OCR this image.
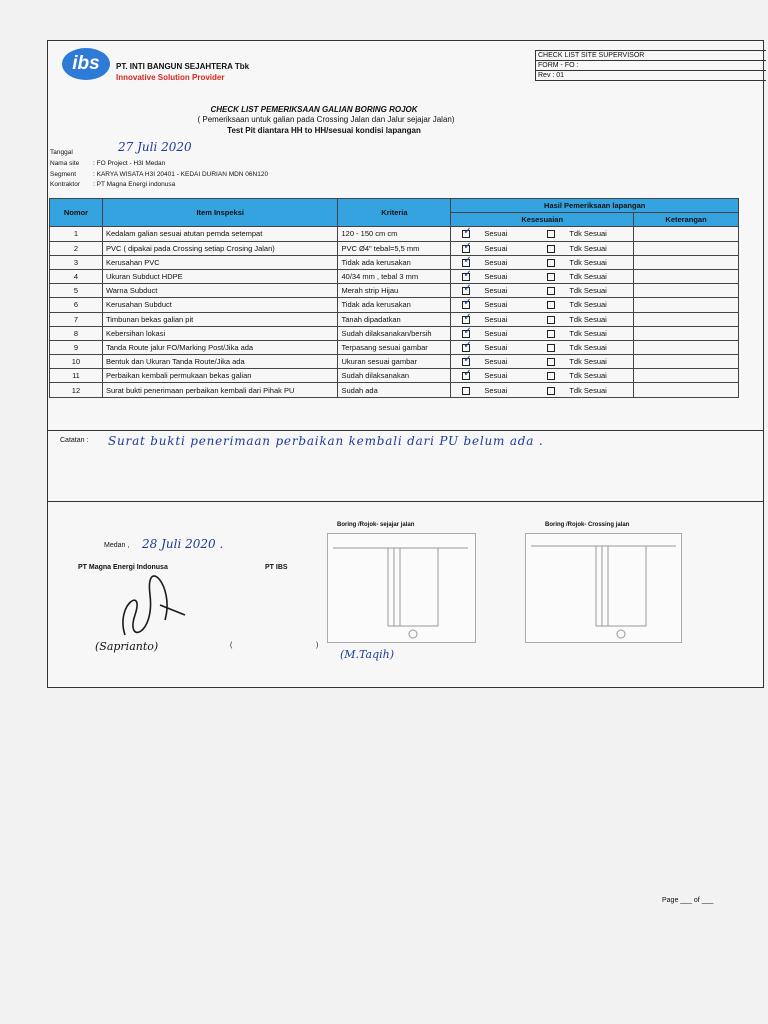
ibs	PT. INTI BANGUN SEJAHTERA Tbk
Innovative Solution Provider
CHECK LIST SITE SUPERVISOR
FORM - FO :
Rev : 01
CHECK LIST PEMERIKSAAN GALIAN BORING ROJOK
( Pemeriksaan untuk galian pada Crossing Jalan dan Jalur sejajar Jalan)
Test Pit diantara HH to HH/sesuai kondisi lapangan
Tanggal	27 Juli 2020
Nama site	: FO Project - H3I Medan
Segment	: KARYA WISATA H3I 20401 - KEDAI DURIAN MDN 06N120
Kontraktor	: PT Magna Energi indonusa
Nomor	Item Inspeksi	Kriteria	Hasil Pemeriksaan lapangan	
			Kesesuaian	Keterangan
1	Kedalam galian sesuai atutan pemda setempat	120 - 150 cm cm	✓Sesuai Tdk Sesuai	
2	PVC ( dipakai pada Crossing setiap Crosing Jalan)	PVC Ø4" tebal=5,5 mm	✓Sesuai Tdk Sesuai	
3	Kerusahan PVC	Tidak ada kerusakan	✓Sesuai Tdk Sesuai	
4	Ukuran Subduct HDPE	40/34 mm , tebal 3 mm	✓Sesuai Tdk Sesuai	
5	Warna Subduct	Merah strip Hijau	✓Sesuai Tdk Sesuai	
6	Kerusahan Subduct	Tidak ada kerusakan	✓Sesuai Tdk Sesuai	
7	Timbunan bekas galian pit	Tanah dipadatkan	✓Sesuai Tdk Sesuai	
8	Kebersihan lokasi	Sudah dilaksanakan/bersih	✓Sesuai Tdk Sesuai	
9	Tanda Route jalur FO/Marking Post/Jika ada	Terpasang sesuai gambar	✓Sesuai Tdk Sesuai	
10	Bentuk dan Ukuran Tanda Route/Jika ada	Ukuran sesuai gambar	✓Sesuai Tdk Sesuai	
11	Perbaikan kembali permukaan bekas galian	Sudah dilaksanakan	✓Sesuai Tdk Sesuai	
12	Surat bukti penerimaan perbaikan kembali dari Pihak PU	Sudah ada	Sesuai Tdk Sesuai	
Catatan : Surat bukti penerimaan perbaikan kembali dari PU belum ada .
Medan , 28 Juli 2020 .
PT Magna Energi Indonusa	PT IBS
(Saprianto)	(	)
(M.Taqih)
Boring /Rojok- sejajar jalan	Boring /Rojok- Crossing jalan
Page ___ of ___
